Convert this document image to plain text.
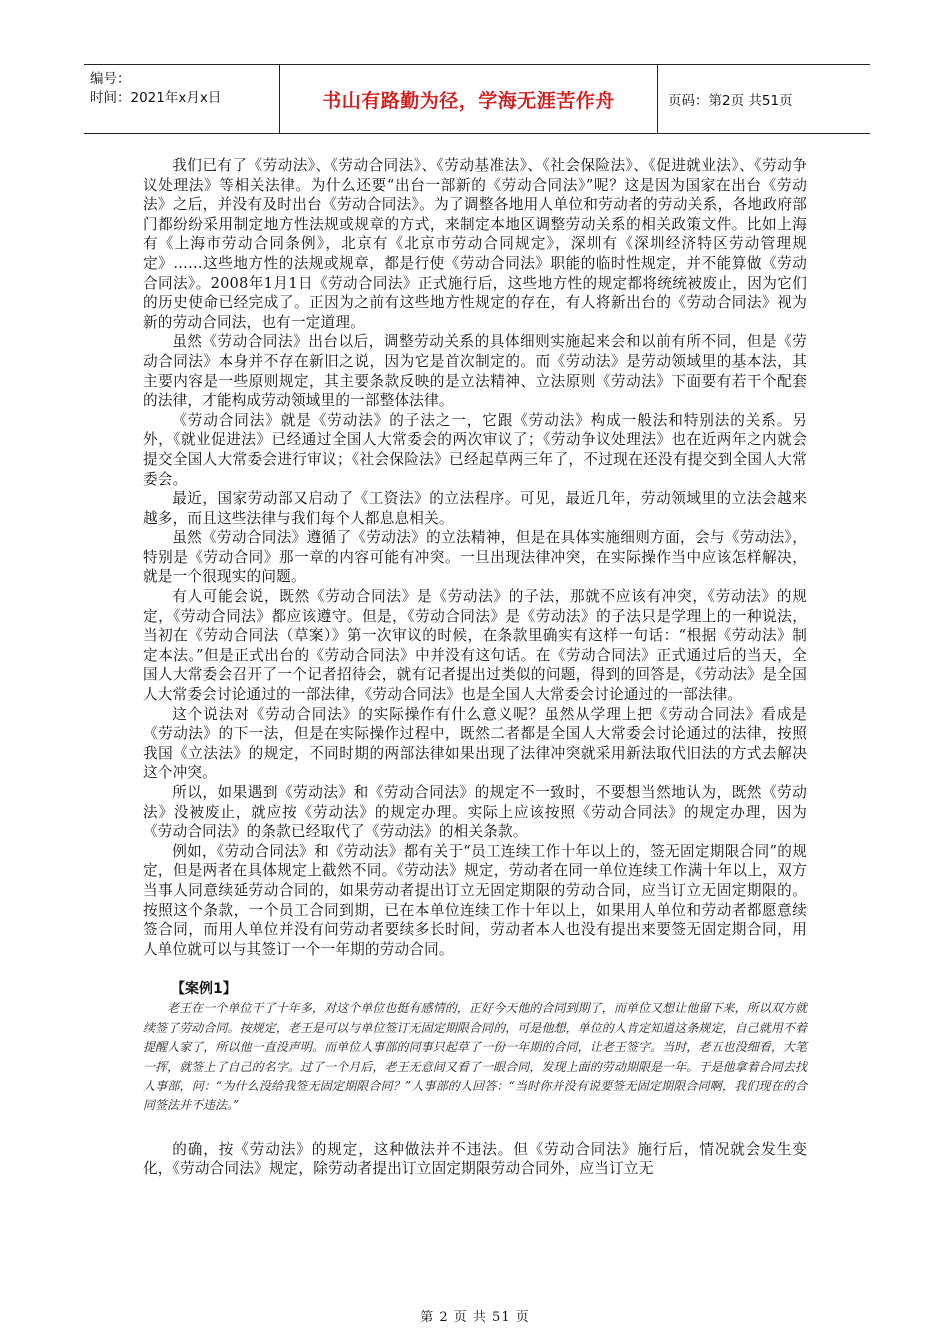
编号：
时间：2021年x月x日	书山有路勤为径，学海无涯苦作舟	页码：第2页 共51页

我们已有了《劳动法》、《劳动合同法》、《劳动基准法》、《社会保险法》、《促进就业法》、《劳动争议处理法》等相关法律。为什么还要“出台一部新的《劳动合同法》”呢？这是因为国家在出台《劳动法》之后，并没有及时出台《劳动合同法》。为了调整各地用人单位和劳动者的劳动关系，各地政府部门都纷纷采用制定地方性法规或规章的方式，来制定本地区调整劳动关系的相关政策文件。比如上海有《上海市劳动合同条例》，北京有《北京市劳动合同规定》，深圳有《深圳经济特区劳动管理规定》……这些地方性的法规或规章，都是行使《劳动合同法》职能的临时性规定，并不能算做《劳动合同法》。2008年1月1日《劳动合同法》正式施行后，这些地方性的规定都将统统被废止，因为它们的历史使命已经完成了。正因为之前有这些地方性规定的存在，有人将新出台的《劳动合同法》视为新的劳动合同法，也有一定道理。

虽然《劳动合同法》出台以后，调整劳动关系的具体细则实施起来会和以前有所不同，但是《劳动合同法》本身并不存在新旧之说，因为它是首次制定的。而《劳动法》是劳动领域里的基本法，其主要内容是一些原则规定，其主要条款反映的是立法精神、立法原则《劳动法》下面要有若干个配套的法律，才能构成劳动领域里的一部整体法律。

《劳动合同法》就是《劳动法》的子法之一，它跟《劳动法》构成一般法和特别法的关系。另外，《就业促进法》已经通过全国人大常委会的两次审议了；《劳动争议处理法》也在近两年之内就会提交全国人大常委会进行审议；《社会保险法》已经起草两三年了，不过现在还没有提交到全国人大常委会。

最近，国家劳动部又启动了《工资法》的立法程序。可见，最近几年，劳动领域里的立法会越来越多，而且这些法律与我们每个人都息息相关。

虽然《劳动合同法》遵循了《劳动法》的立法精神，但是在具体实施细则方面，会与《劳动法》，特别是《劳动合同》那一章的内容可能有冲突。一旦出现法律冲突，在实际操作当中应该怎样解决，就是一个很现实的问题。

有人可能会说，既然《劳动合同法》是《劳动法》的子法，那就不应该有冲突，《劳动法》的规定，《劳动合同法》都应该遵守。但是，《劳动合同法》是《劳动法》的子法只是学理上的一种说法，当初在《劳动合同法（草案）》第一次审议的时候，在条款里确实有这样一句话：“根据《劳动法》制定本法。”但是正式出台的《劳动合同法》中并没有这句话。在《劳动合同法》正式通过后的当天，全国人大常委会召开了一个记者招待会，就有记者提出过类似的问题，得到的回答是，《劳动法》是全国人大常委会讨论通过的一部法律，《劳动合同法》也是全国人大常委会讨论通过的一部法律。

这个说法对《劳动合同法》的实际操作有什么意义呢？虽然从学理上把《劳动合同法》看成是《劳动法》的下一法，但是在实际操作过程中，既然二者都是全国人大常委会讨论通过的法律，按照我国《立法法》的规定，不同时期的两部法律如果出现了法律冲突就采用新法取代旧法的方式去解决这个冲突。

所以，如果遇到《劳动法》和《劳动合同法》的规定不一致时，不要想当然地认为，既然《劳动法》没被废止，就应按《劳动法》的规定办理。实际上应该按照《劳动合同法》的规定办理，因为《劳动合同法》的条款已经取代了《劳动法》的相关条款。

例如，《劳动合同法》和《劳动法》都有关于“员工连续工作十年以上的，签无固定期限合同”的规定，但是两者在具体规定上截然不同。《劳动法》规定，劳动者在同一单位连续工作满十年以上，双方当事人同意续延劳动合同的，如果劳动者提出订立无固定期限的劳动合同，应当订立无固定期限的。按照这个条款，一个员工合同到期，已在本单位连续工作十年以上，如果用人单位和劳动者都愿意续签合同，而用人单位并没有问劳动者要续多长时间，劳动者本人也没有提出来要签无固定期合同，用人单位就可以与其签订一个一年期的劳动合同。

【案例1】

老王在一个单位干了十年多，对这个单位也挺有感情的，正好今天他的合同到期了，而单位又想让他留下来，所以双方就续签了劳动合同。按规定，老王是可以与单位签订无固定期限合同的，可是他想，单位的人肯定知道这条规定，自己就用不着提醒人家了，所以他一直没声明。而单位人事部的同事只起草了一份一年期的合同，让老王签字。当时，老五也没细看，大笔一挥，就签上了自己的名字。过了一个月后，老王无意间又看了一眼合同，发现上面的劳动期限是一年。于是他拿着合同去找人事部，问：“为什么没给我签无固定期限合同？”人事部的人回答：“当时你并没有说要签无固定期限合同啊，我们现在的合同签法并不违法。”

的确，按《劳动法》的规定，这种做法并不违法。但《劳动合同法》施行后，情况就会发生变化，《劳动合同法》规定，除劳动者提出订立固定期限劳动合同外，应当订立无

第 2 页 共 51 页
